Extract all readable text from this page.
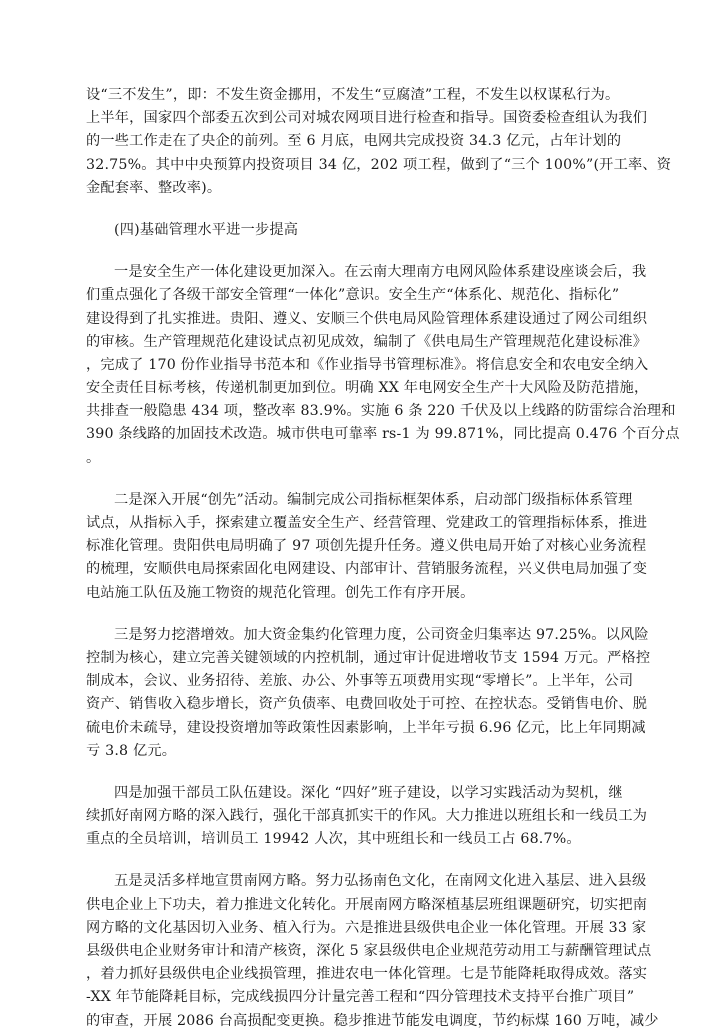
设“三不发生”，即：不发生资金挪用，不发生“豆腐渣”工程，不发生以权谋私行为。
上半年，国家四个部委五次到公司对城农网项目进行检查和指导。国资委检查组认为我们
的一些工作走在了央企的前列。至 6 月底，电网共完成投资 34.3 亿元，占年计划的
32.75%。其中中央预算内投资项目 34 亿，202 项工程，做到了“三个 100%”(开工率、资
金配套率、整改率)。
(四)基础管理水平进一步提高
一是安全生产一体化建设更加深入。在云南大理南方电网风险体系建设座谈会后，我
们重点强化了各级干部安全管理“一体化”意识。安全生产“体系化、规范化、指标化”
建设得到了扎实推进。贵阳、遵义、安顺三个供电局风险管理体系建设通过了网公司组织
的审核。生产管理规范化建设试点初见成效，编制了《供电局生产管理规范化建设标准》
，完成了 170 份作业指导书范本和《作业指导书管理标准》。将信息安全和农电安全纳入
安全责任目标考核，传递机制更加到位。明确 XX 年电网安全生产十大风险及防范措施，
共排查一般隐患 434 项，整改率 83.9%。实施 6 条 220 千伏及以上线路的防雷综合治理和
390 条线路的加固技术改造。城市供电可靠率 rs-1 为 99.871%，同比提高 0.476 个百分点
。
二是深入开展“创先”活动。编制完成公司指标框架体系，启动部门级指标体系管理
试点，从指标入手，探索建立覆盖安全生产、经营管理、党建政工的管理指标体系，推进
标准化管理。贵阳供电局明确了 97 项创先提升任务。遵义供电局开始了对核心业务流程
的梳理，安顺供电局探索固化电网建设、内部审计、营销服务流程，兴义供电局加强了变
电站施工队伍及施工物资的规范化管理。创先工作有序开展。
三是努力挖潜增效。加大资金集约化管理力度，公司资金归集率达 97.25%。以风险
控制为核心，建立完善关键领域的内控机制，通过审计促进增收节支 1594 万元。严格控
制成本，会议、业务招待、差旅、办公、外事等五项费用实现“零增长”。上半年，公司
资产、销售收入稳步增长，资产负债率、电费回收处于可控、在控状态。受销售电价、脱
硫电价未疏导，建设投资增加等政策性因素影响，上半年亏损 6.96 亿元，比上年同期减
亏 3.8 亿元。
四是加强干部员工队伍建设。深化 “四好”班子建设，以学习实践活动为契机，继
续抓好南网方略的深入践行，强化干部真抓实干的作风。大力推进以班组长和一线员工为
重点的全员培训，培训员工 19942 人次，其中班组长和一线员工占 68.7%。
五是灵活多样地宣贯南网方略。努力弘扬南色文化，在南网文化进入基层、进入县级
供电企业上下功夫，着力推进文化转化。开展南网方略深植基层班组课题研究，切实把南
网方略的文化基因切入业务、植入行为。六是推进县级供电企业一体化管理。开展 33 家
县级供电企业财务审计和清产核资，深化 5 家县级供电企业规范劳动用工与薪酬管理试点
，着力抓好县级供电企业线损管理，推进农电一体化管理。七是节能降耗取得成效。落实
-XX 年节能降耗目标，完成线损四分计量完善工程和“四分管理技术支持平台推广项目”
的审查，开展 2086 台高损配变更换。稳步推进节能发电调度，节约标煤 160 万吨，减少
